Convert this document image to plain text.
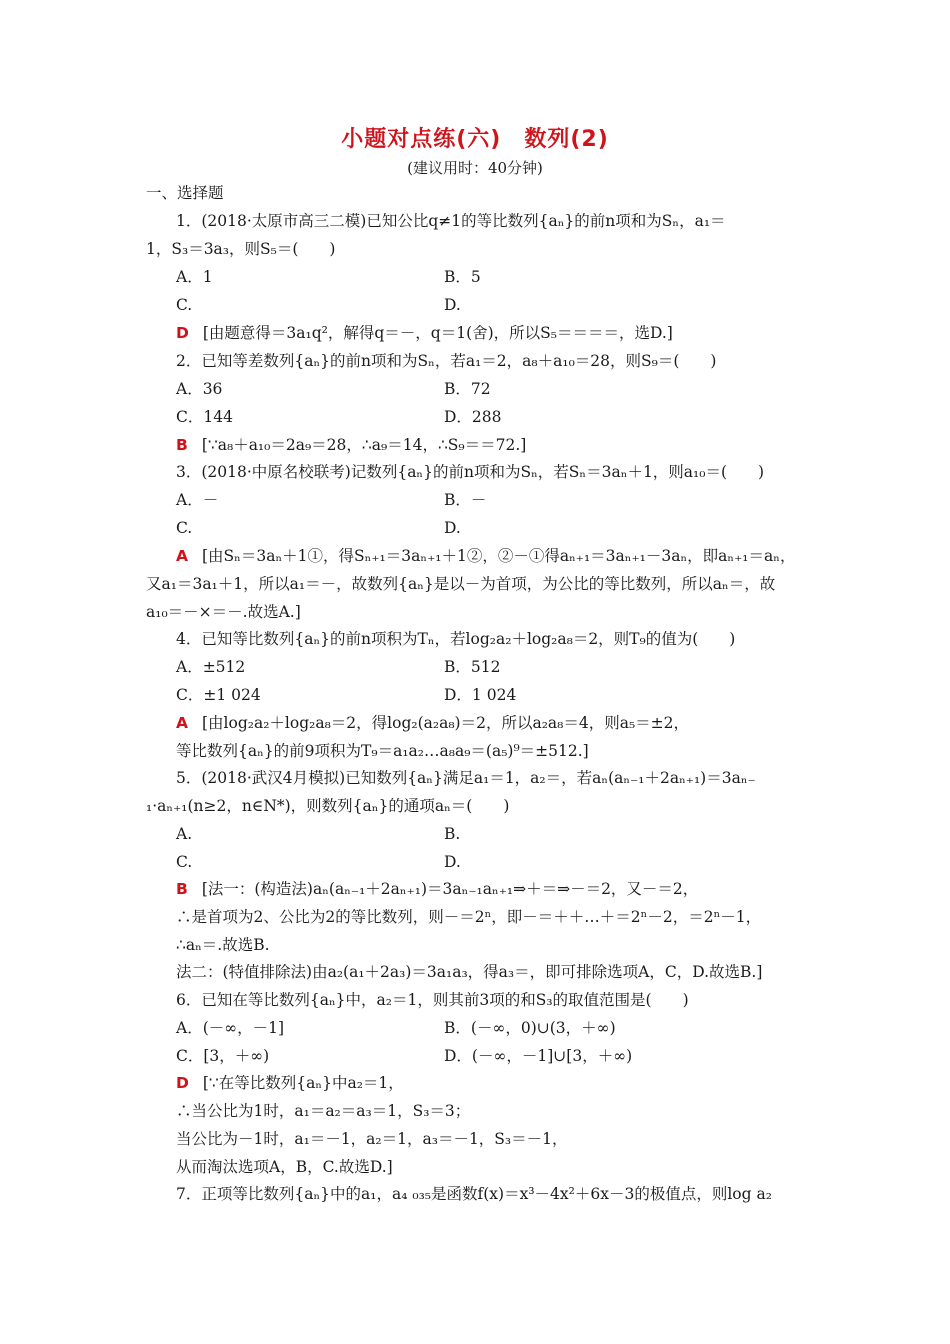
小题对点练(六)　数列(2)
(建议用时：40分钟)
一、选择题
1．(2018·太原市高三二模)已知公比q≠1的等比数列{aₙ}的前n项和为Sₙ，a₁＝
1，S₃＝3a₃，则S₅＝(　　)
A．1	B．5
C.	D.
D [由题意得＝3a₁q²，解得q＝－，q＝1(舍)，所以S₅＝＝＝＝，选D.]
2．已知等差数列{aₙ}的前n项和为Sₙ，若a₁＝2，a₈＋a₁₀＝28，则S₉＝(　　)
A．36	B．72
C．144	D．288
B [∵a₈＋a₁₀＝2a₉＝28，∴a₉＝14，∴S₉＝＝72.]
3．(2018·中原名校联考)记数列{aₙ}的前n项和为Sₙ，若Sₙ＝3aₙ＋1，则a₁₀＝(　　)
A．－	B．－
C.	D.
A [由Sₙ＝3aₙ＋1①，得Sₙ₊₁＝3aₙ₊₁＋1②，②－①得aₙ₊₁＝3aₙ₊₁－3aₙ，即aₙ₊₁＝aₙ，
又a₁＝3a₁＋1，所以a₁＝－，故数列{aₙ}是以－为首项，为公比的等比数列，所以aₙ＝，故
a₁₀＝－×＝－.故选A.]
4．已知等比数列{aₙ}的前n项积为Tₙ，若log₂a₂＋log₂a₈＝2，则T₉的值为(　　)
A．±512	B．512
C．±1 024	D．1 024
A [由log₂a₂＋log₂a₈＝2，得log₂(a₂a₈)＝2，所以a₂a₈＝4，则a₅＝±2，
等比数列{aₙ}的前9项积为T₉＝a₁a₂…a₈a₉＝(a₅)⁹＝±512.]
5．(2018·武汉4月模拟)已知数列{aₙ}满足a₁＝1，a₂＝，若aₙ(aₙ₋₁＋2aₙ₊₁)＝3aₙ₋
₁·aₙ₊₁(n≥2，n∈N*)，则数列{aₙ}的通项aₙ＝(　　)
A.	B.
C.	D.
B [法一：(构造法)aₙ(aₙ₋₁＋2aₙ₊₁)＝3aₙ₋₁aₙ₊₁⇒＋＝⇒－＝2，又－＝2，
∴是首项为2、公比为2的等比数列，则－＝2ⁿ，即－＝＋＋…＋＝2ⁿ－2，＝2ⁿ－1，
∴aₙ＝.故选B.
法二：(特值排除法)由a₂(a₁＋2a₃)＝3a₁a₃，得a₃＝，即可排除选项A，C，D.故选B.]
6．已知在等比数列{aₙ}中，a₂＝1，则其前3项的和S₃的取值范围是(　　)
A．(－∞，－1]	B．(－∞，0)∪(3，＋∞)
C．[3，＋∞)	D．(－∞，－1]∪[3，＋∞)
D [∵在等比数列{aₙ}中a₂＝1，
∴当公比为1时，a₁＝a₂＝a₃＝1，S₃＝3；
当公比为－1时，a₁＝－1，a₂＝1，a₃＝－1，S₃＝－1，
从而淘汰选项A，B，C.故选D.]
7．正项等比数列{aₙ}中的a₁，a₄ ₀₃₅是函数f(x)＝x³－4x²＋6x－3的极值点，则log a₂
